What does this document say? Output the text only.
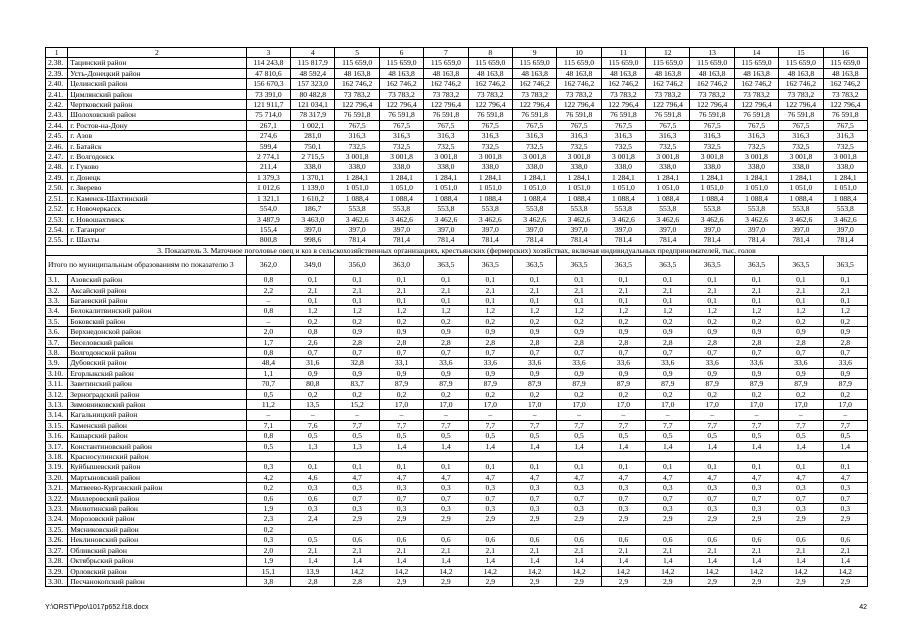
1	2	3	4	5	6	7	8	9	10	11	12	13	14	15	16
2.38.	Тацинский район	114 243,8	115 817,9	115 659,0	115 659,0	115 659,0	115 659,0	115 659,0	115 659,0	115 659,0	115 659,0	115 659,0	115 659,0	115 659,0	115 659,0
2.39.	Усть-Донецкий район	47 810,6	48 592,4	48 163,8	48 163,8	48 163,8	48 163,8	48 163,8	48 163,8	48 163,8	48 163,8	48 163,8	48 163,8	48 163,8	48 163,8
2.40.	Целинский район	156 670,3	157 323,0	162 746,2	162 746,2	162 746,2	162 746,2	162 746,2	162 746,2	162 746,2	162 746,2	162 746,2	162 746,2	162 746,2	162 746,2
2.41.	Цимлянский район	73 391,0	80 482,8	73 783,2	73 783,2	73 783,2	73 783,2	73 783,2	73 783,2	73 783,2	73 783,2	73 783,2	73 783,2	73 783,2	73 783,2
2.42.	Чертковский район	121 911,7	121 034,1	122 796,4	122 796,4	122 796,4	122 796,4	122 796,4	122 796,4	122 796,4	122 796,4	122 796,4	122 796,4	122 796,4	122 796,4
2.43.	Шолоховский район	75 714,0	78 317,9	76 591,8	76 591,8	76 591,8	76 591,8	76 591,8	76 591,8	76 591,8	76 591,8	76 591,8	76 591,8	76 591,8	76 591,8
2.44.	г. Ростов-на-Дону	267,1	1 002,1	767,5	767,5	767,5	767,5	767,5	767,5	767,5	767,5	767,5	767,5	767,5	767,5
2.45.	г. Азов	274,6	281,0	316,3	316,3	316,3	316,3	316,3	316,3	316,3	316,3	316,3	316,3	316,3	316,3
2.46.	г. Батайск	599,4	750,1	732,5	732,5	732,5	732,5	732,5	732,5	732,5	732,5	732,5	732,5	732,5	732,5
2.47.	г. Волгодонск	2 774,1	2 715,5	3 001,8	3 001,8	3 001,8	3 001,8	3 001,8	3 001,8	3 001,8	3 001,8	3 001,8	3 001,8	3 001,8	3 001,8
2.48.	г. Гуково	211,4	338,0	338,0	338,0	338,0	338,0	338,0	338,0	338,0	338,0	338,0	338,0	338,0	338,0
2.49.	г. Донецк	1 379,3	1 370,1	1 284,1	1 284,1	1 284,1	1 284,1	1 284,1	1 284,1	1 284,1	1 284,1	1 284,1	1 284,1	1 284,1	1 284,1
2.50.	г. Зверево	1 012,6	1 139,0	1 051,0	1 051,0	1 051,0	1 051,0	1 051,0	1 051,0	1 051,0	1 051,0	1 051,0	1 051,0	1 051,0	1 051,0
2.51.	г. Каменск-Шахтинский	1 321,1	1 610,2	1 088,4	1 088,4	1 088,4	1 088,4	1 088,4	1 088,4	1 088,4	1 088,4	1 088,4	1 088,4	1 088,4	1 088,4
2.52.	г. Новочеркасск	554,0	186,7	553,8	553,8	553,8	553,8	553,8	553,8	553,8	553,8	553,8	553,8	553,8	553,8
2.53.	г. Новошахтинск	3 487,9	3 463,0	3 462,6	3 462,6	3 462,6	3 462,6	3 462,6	3 462,6	3 462,6	3 462,6	3 462,6	3 462,6	3 462,6	3 462,6
2.54.	г. Таганрог	155,4	397,0	397,0	397,0	397,0	397,0	397,0	397,0	397,0	397,0	397,0	397,0	397,0	397,0
2.55.	г. Шахты	800,8	998,6	781,4	781,4	781,4	781,4	781,4	781,4	781,4	781,4	781,4	781,4	781,4	781,4
3. Показатель 3. Маточное поголовье овец и коз в сельскохозяйственных организациях, крестьянских (фермерских) хозяйствах, включая индивидуальных предпринимателей, тыс. голов															
Итого по муниципальным образованиям по показателю 3		362,0	349,0	356,0	363,0	363,5	363,5	363,5	363,5	363,5	363,5	363,5	363,5	363,5	363,5
3.1.	Азовский район	0,8	0,1	0,1	0,1	0,1	0,1	0,1	0,1	0,1	0,1	0,1	0,1	0,1	0,1
3.2.	Аксайский район	2,2	2,1	2,1	2,1	2,1	2,1	2,1	2,1	2,1	2,1	2,1	2,1	2,1	2,1
3.3.	Багаевский район	–	0,1	0,1	0,1	0,1	0,1	0,1	0,1	0,1	0,1	0,1	0,1	0,1	0,1
3.4.	Белокалитвинский район	0,8	1,2	1,2	1,2	1,2	1,2	1,2	1,2	1,2	1,2	1,2	1,2	1,2	1,2
3.5.	Боковский район	–	0,2	0,2	0,2	0,2	0,2	0,2	0,2	0,2	0,2	0,2	0,2	0,2	0,2
3.6.	Верхнедонской район	2,0	0,8	0,9	0,9	0,9	0,9	0,9	0,9	0,9	0,9	0,9	0,9	0,9	0,9
3.7.	Веселовский район	1,7	2,6	2,8	2,8	2,8	2,8	2,8	2,8	2,8	2,8	2,8	2,8	2,8	2,8
3.8.	Волгодонской район	0,8	0,7	0,7	0,7	0,7	0,7	0,7	0,7	0,7	0,7	0,7	0,7	0,7	0,7
3.9.	Дубовский район	48,4	31,6	32,8	33,1	33,6	33,6	33,6	33,6	33,6	33,6	33,6	33,6	33,6	33,6
3.10.	Егорлыкский район	1,1	0,9	0,9	0,9	0,9	0,9	0,9	0,9	0,9	0,9	0,9	0,9	0,9	0,9
3.11.	Заветинский район	70,7	80,8	83,7	87,9	87,9	87,9	87,9	87,9	87,9	87,9	87,9	87,9	87,9	87,9
3.12.	Зерноградский район	0,5	0,2	0,2	0,2	0,2	0,2	0,2	0,2	0,2	0,2	0,2	0,2	0,2	0,2
3.13.	Зимовниковский район	11,2	13,5	15,2	17,0	17,0	17,0	17,0	17,0	17,0	17,0	17,0	17,0	17,0	17,0
3.14.	Кагальницкий район	–	–	–	–	–	–	–	–	–	–	–	–	–	–
3.15.	Каменский район	7,1	7,6	7,7	7,7	7,7	7,7	7,7	7,7	7,7	7,7	7,7	7,7	7,7	7,7
3.16.	Кашарский район	0,8	0,5	0,5	0,5	0,5	0,5	0,5	0,5	0,5	0,5	0,5	0,5	0,5	0,5
3.17.	Константиновский район	0,5	1,3	1,3	1,4	1,4	1,4	1,4	1,4	1,4	1,4	1,4	1,4	1,4	1,4
3.18.	Красносулинский район														
3.19.	Куйбышевский район	0,3	0,1	0,1	0,1	0,1	0,1	0,1	0,1	0,1	0,1	0,1	0,1	0,1	0,1
3.20.	Мартыновский район	4,2	4,6	4,7	4,7	4,7	4,7	4,7	4,7	4,7	4,7	4,7	4,7	4,7	4,7
3.21.	Матвеево-Курганский район	0,2	0,3	0,3	0,3	0,3	0,3	0,3	0,3	0,3	0,3	0,3	0,3	0,3	0,3
3.22.	Миллеровский район	0,6	0,6	0,7	0,7	0,7	0,7	0,7	0,7	0,7	0,7	0,7	0,7	0,7	0,7
3.23.	Милютинский район	1,9	0,3	0,3	0,3	0,3	0,3	0,3	0,3	0,3	0,3	0,3	0,3	0,3	0,3
3.24.	Морозовский район	2,3	2,4	2,9	2,9	2,9	2,9	2,9	2,9	2,9	2,9	2,9	2,9	2,9	2,9
3.25.	Мясниковский район	0,2													
3.26.	Неклиновский район	0,3	0,5	0,6	0,6	0,6	0,6	0,6	0,6	0,6	0,6	0,6	0,6	0,6	0,6
3.27.	Обливский район	2,0	2,1	2,1	2,1	2,1	2,1	2,1	2,1	2,1	2,1	2,1	2,1	2,1	2,1
3.28.	Октябрьский район	1,9	1,4	1,4	1,4	1,4	1,4	1,4	1,4	1,4	1,4	1,4	1,4	1,4	1,4
3.29.	Орловский район	15,1	13,9	14,2	14,2	14,2	14,2	14,2	14,2	14,2	14,2	14,2	14,2	14,2	14,2
3.30.	Песчанокопский район	3,8	2,8	2,8	2,9	2,9	2,9	2,9	2,9	2,9	2,9	2,9	2,9	2,9	2,9
Y:\ORST\Ppo\1017p652.f18.docx	42
